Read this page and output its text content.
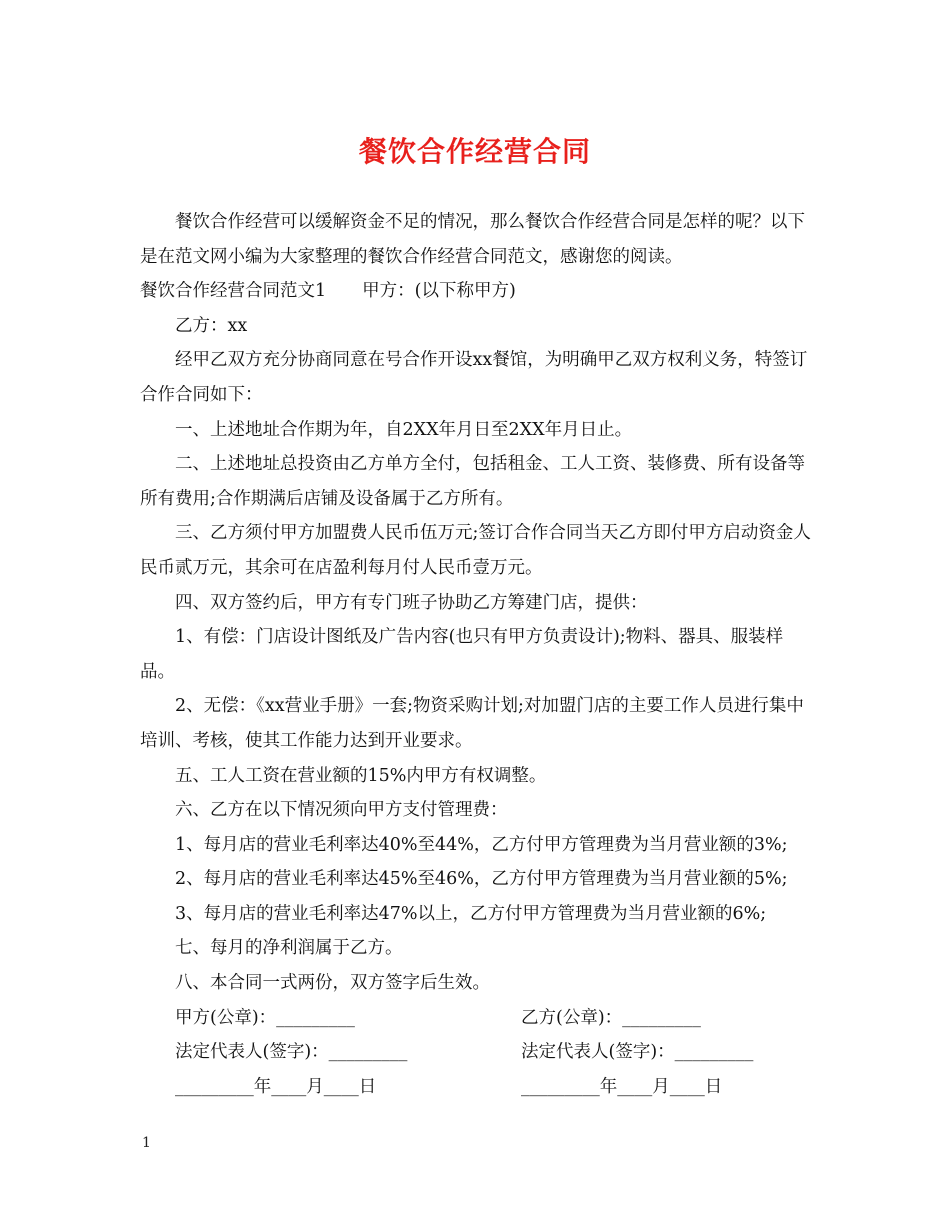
餐饮合作经营合同

餐饮合作经营可以缓解资金不足的情况，那么餐饮合作经营合同是怎样的呢？以下是在范文网小编为大家整理的餐饮合作经营合同范文，感谢您的阅读。

餐饮合作经营合同范文1 甲方：(以下称甲方)

乙方：xx

经甲乙双方充分协商同意在号合作开设xx餐馆，为明确甲乙双方权利义务，特签订合作合同如下：

一、上述地址合作期为年，自2XX年月日至2XX年月日止。

二、上述地址总投资由乙方单方全付，包括租金、工人工资、装修费、所有设备等所有费用;合作期满后店铺及设备属于乙方所有。

三、乙方须付甲方加盟费人民币伍万元;签订合作合同当天乙方即付甲方启动资金人民币贰万元，其余可在店盈利每月付人民币壹万元。

四、双方签约后，甲方有专门班子协助乙方筹建门店，提供：

1、有偿：门店设计图纸及广告内容(也只有甲方负责设计);物料、器具、服装样品。

2、无偿：《xx营业手册》一套;物资采购计划;对加盟门店的主要工作人员进行集中培训、考核，使其工作能力达到开业要求。

五、工人工资在营业额的15%内甲方有权调整。

六、乙方在以下情况须向甲方支付管理费：

1、每月店的营业毛利率达40%至44%，乙方付甲方管理费为当月营业额的3%;

2、每月店的营业毛利率达45%至46%，乙方付甲方管理费为当月营业额的5%;

3、每月店的营业毛利率达47%以上，乙方付甲方管理费为当月营业额的6%;

七、每月的净利润属于乙方。

八、本合同一式两份，双方签字后生效。

甲方(公章)：_________	乙方(公章)：_________
法定代表人(签字)：_________	法定代表人(签字)：_________
_________年____月____日	_________年____月____日
1
